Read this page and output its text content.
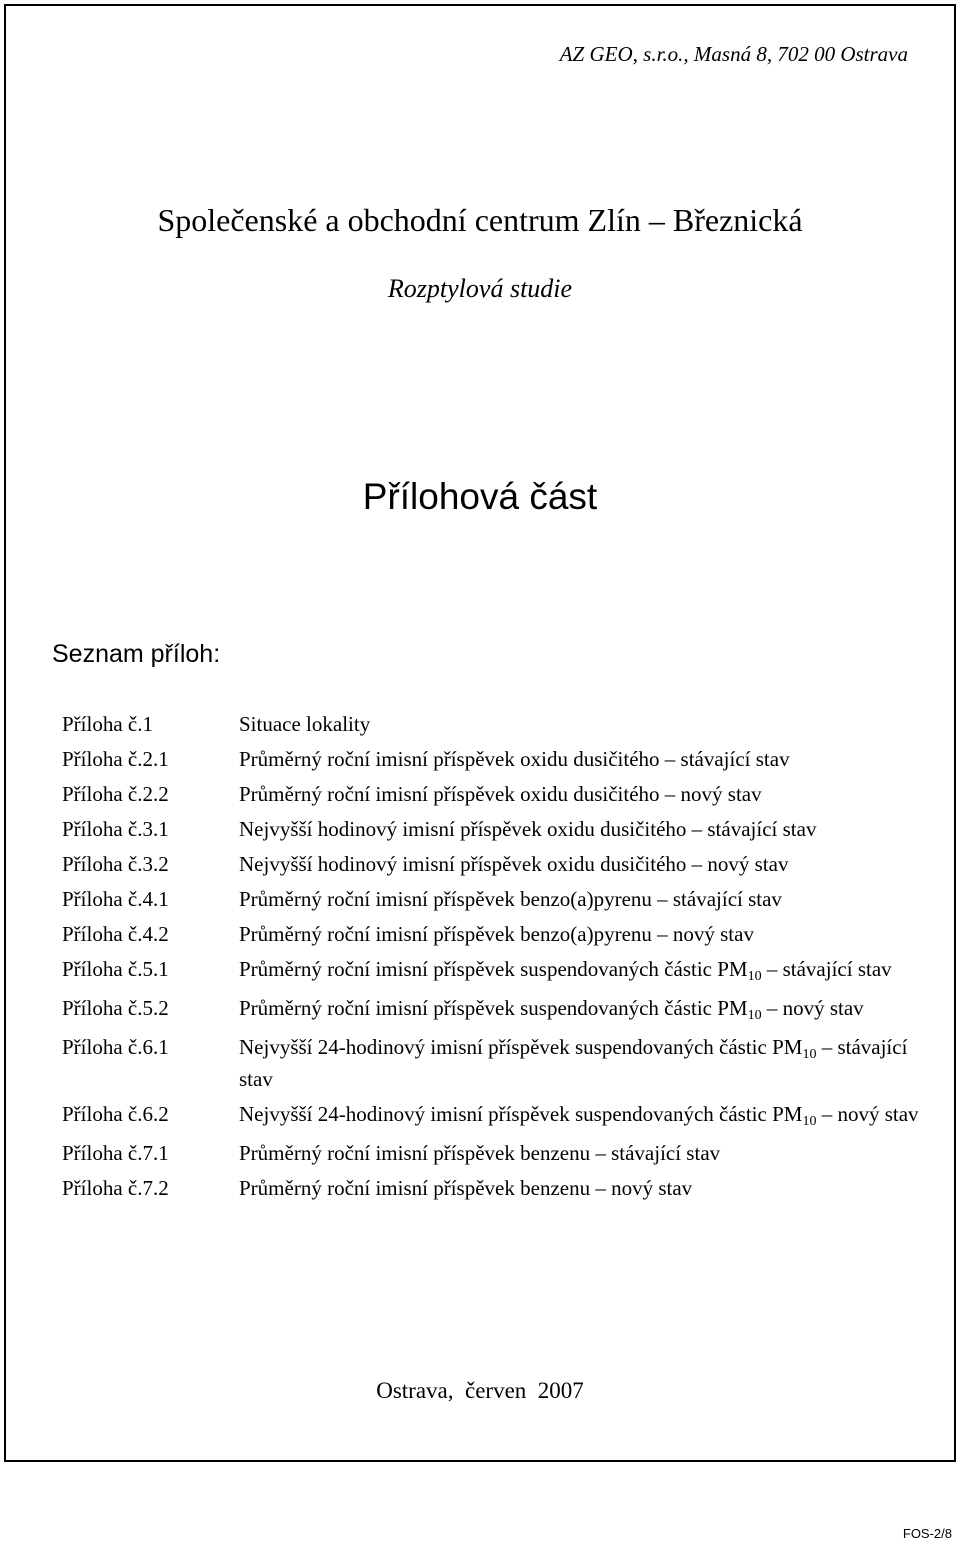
AZ GEO, s.r.o., Masná 8, 702 00 Ostrava
Společenské a obchodní centrum Zlín – Březnická
Rozptylová studie
Přílohová část
Seznam příloh:
Příloha č.1	Situace lokality
Příloha č.2.1	Průměrný roční imisní příspěvek oxidu dusičitého – stávající stav
Příloha č.2.2	Průměrný roční imisní příspěvek oxidu dusičitého – nový stav
Příloha č.3.1	Nejvyšší hodinový imisní příspěvek oxidu dusičitého – stávající stav
Příloha č.3.2	Nejvyšší hodinový imisní příspěvek oxidu dusičitého – nový stav
Příloha č.4.1	Průměrný roční imisní příspěvek benzo(a)pyrenu – stávající stav
Příloha č.4.2	Průměrný roční imisní příspěvek benzo(a)pyrenu – nový stav
Příloha č.5.1	Průměrný roční imisní příspěvek suspendovaných částic $PM_{10}$ – stávající stav
Příloha č.5.2	Průměrný roční imisní příspěvek suspendovaných částic $PM_{10}$ – nový stav
Příloha č.6.1	Nejvyšší 24-hodinový imisní příspěvek suspendovaných částic $PM_{10}$ – stávající stav
Příloha č.6.2	Nejvyšší 24-hodinový imisní příspěvek suspendovaných částic $PM_{10}$ – nový stav
Příloha č.7.1	Průměrný roční imisní příspěvek benzenu – stávající stav
Příloha č.7.2	Průměrný roční imisní příspěvek benzenu – nový stav
Ostrava,  červen  2007
FOS-2/8
